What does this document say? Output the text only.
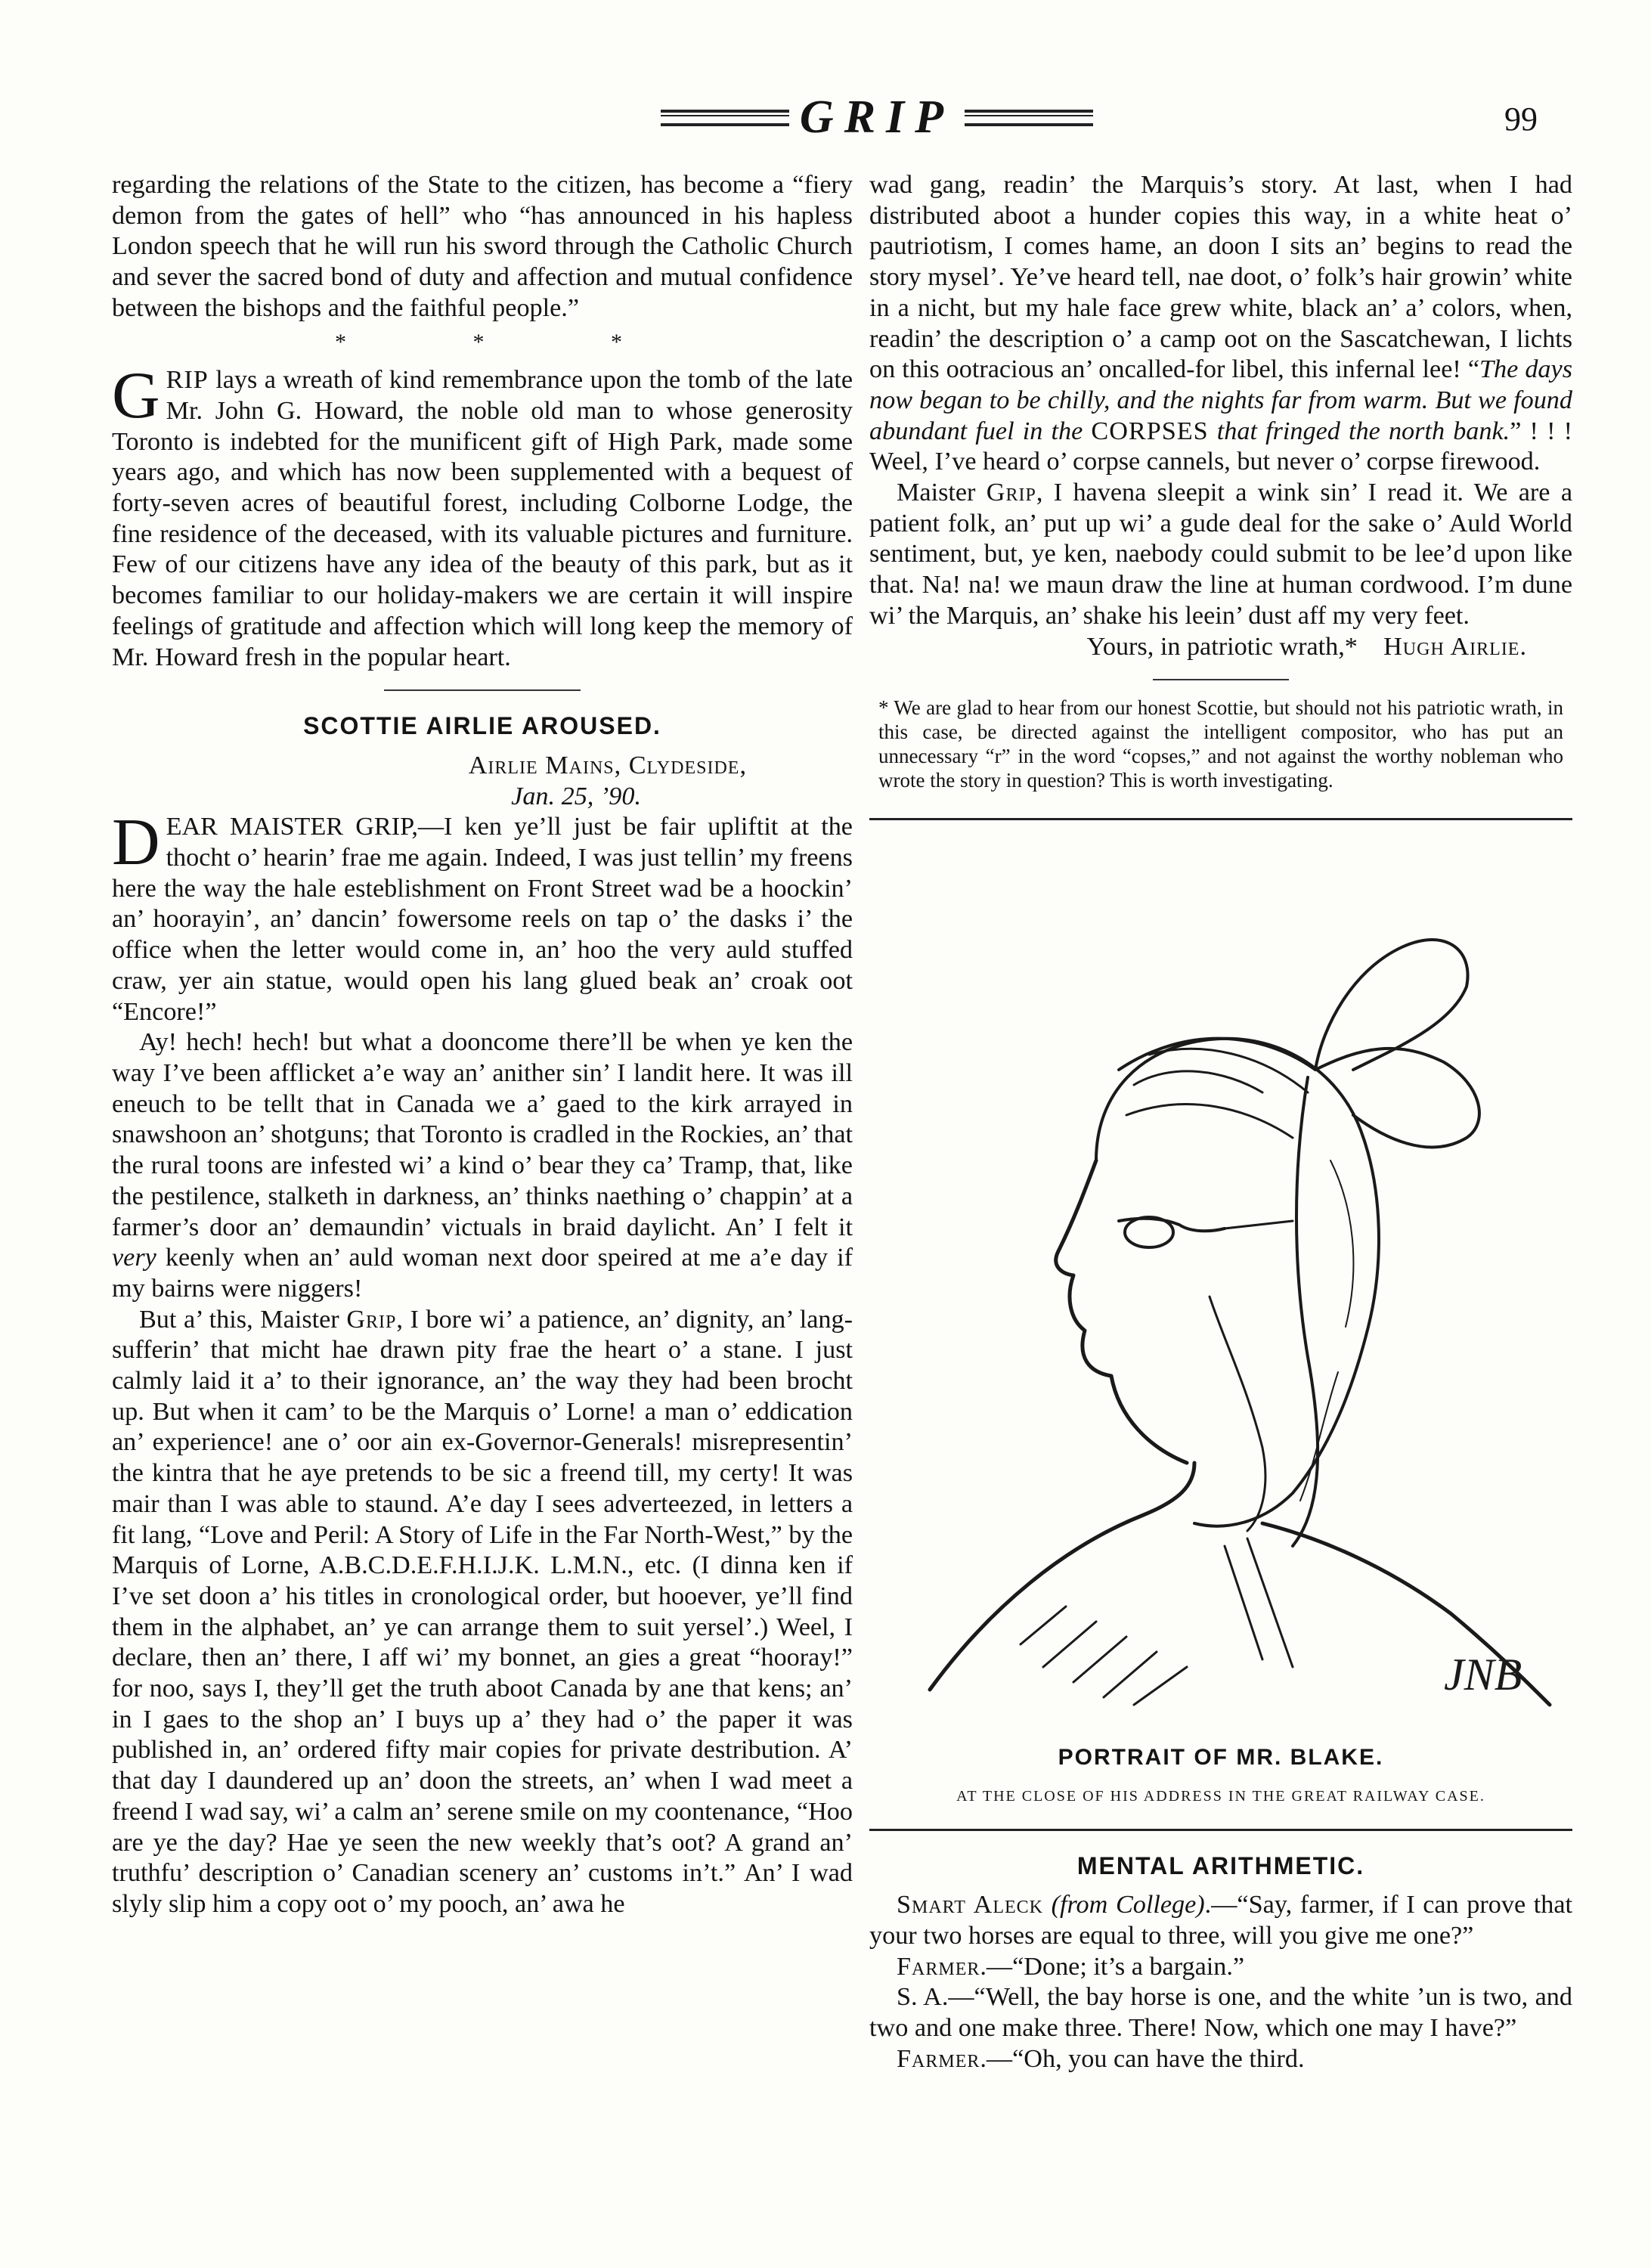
GRIP	99

regarding the relations of the State to the citizen, has become a “fiery demon from the gates of hell” who “has announced in his hapless London speech that he will run his sword through the Catholic Church and sever the sacred bond of duty and affection and mutual confidence between the bishops and the faithful people.”

* * *

GRIP lays a wreath of kind remembrance upon the tomb of the late Mr. John G. Howard, the noble old man to whose generosity Toronto is indebted for the munificent gift of High Park, made some years ago, and which has now been supplemented with a bequest of forty-seven acres of beautiful forest, including Colborne Lodge, the fine residence of the deceased, with its valuable pictures and furniture. Few of our citizens have any idea of the beauty of this park, but as it becomes familiar to our holiday-makers we are certain it will inspire feelings of gratitude and affection which will long keep the memory of Mr. Howard fresh in the popular heart.

SCOTTIE AIRLIE AROUSED.
Airlie Mains, Clydeside,
Jan. 25, ’90.

DEAR MAISTER GRIP,—I ken ye’ll just be fair upliftit at the thocht o’ hearin’ frae me again. Indeed, I was just tellin’ my freens here the way the hale esteblishment on Front Street wad be a hoockin’ an’ hoorayin’, an’ dancin’ fowersome reels on tap o’ the dasks i’ the office when the letter would come in, an’ hoo the very auld stuffed craw, yer ain statue, would open his lang glued beak an’ croak oot “Encore!”

Ay! hech! hech! but what a dooncome there’ll be when ye ken the way I’ve been afflicket a’e way an’ anither sin’ I landit here. It was ill eneuch to be tellt that in Canada we a’ gaed to the kirk arrayed in snawshoon an’ shotguns; that Toronto is cradled in the Rockies, an’ that the rural toons are infested wi’ a kind o’ bear they ca’ Tramp, that, like the pestilence, stalketh in darkness, an’ thinks naething o’ chappin’ at a farmer’s door an’ demaundin’ victuals in braid daylicht. An’ I felt it very keenly when an’ auld woman next door speired at me a’e day if my bairns were niggers!

But a’ this, Maister Grip, I bore wi’ a patience, an’ dignity, an’ lang-sufferin’ that micht hae drawn pity frae the heart o’ a stane. I just calmly laid it a’ to their ignorance, an’ the way they had been brocht up. But when it cam’ to be the Marquis o’ Lorne! a man o’ eddication an’ experience! ane o’ oor ain ex-Governor-Generals! misrepresentin’ the kintra that he aye pretends to be sic a freend till, my certy! It was mair than I was able to staund. A’e day I sees adverteezed, in letters a fit lang, “Love and Peril: A Story of Life in the Far North-West,” by the Marquis of Lorne, A.B.C.D.E.F.H.I.J.K. L.M.N., etc. (I dinna ken if I’ve set doon a’ his titles in cronological order, but hooever, ye’ll find them in the alphabet, an’ ye can arrange them to suit yersel’.) Weel, I declare, then an’ there, I aff wi’ my bonnet, an gies a great “hooray!” for noo, says I, they’ll get the truth aboot Canada by ane that kens; an’ in I gaes to the shop an’ I buys up a’ they had o’ the paper it was published in, an’ ordered fifty mair copies for private destribution. A’ that day I daundered up an’ doon the streets, an’ when I wad meet a freend I wad say, wi’ a calm an’ serene smile on my coontenance, “Hoo are ye the day? Hae ye seen the new weekly that’s oot? A grand an’ truthfu’ description o’ Canadian scenery an’ customs in’t.” An’ I wad slyly slip him a copy oot o’ my pooch, an’ awa he

wad gang, readin’ the Marquis’s story. At last, when I had distributed aboot a hunder copies this way, in a white heat o’ pautriotism, I comes hame, an doon I sits an’ begins to read the story mysel’. Ye’ve heard tell, nae doot, o’ folk’s hair growin’ white in a nicht, but my hale face grew white, black an’ a’ colors, when, readin’ the description o’ a camp oot on the Sascatchewan, I lichts on this ootracious an’ oncalled-for libel, this infernal lee! “The days now began to be chilly, and the nights far from warm. But we found abundant fuel in the CORPSES that fringed the north bank.” ! ! ! Weel, I’ve heard o’ corpse cannels, but never o’ corpse firewood.

Maister Grip, I havena sleepit a wink sin’ I read it. We are a patient folk, an’ put up wi’ a gude deal for the sake o’ Auld World sentiment, but, ye ken, naebody could submit to be lee’d upon like that. Na! na! we maun draw the line at human cordwood. I’m dune wi’ the Marquis, an’ shake his leein’ dust aff my very feet.

Yours, in patriotic wrath,* Hugh Airlie.
* We are glad to hear from our honest Scottie, but should not his patriotic wrath, in this case, be directed against the intelligent compositor, who has put an unnecessary “r” in the word “copses,” and not against the worthy nobleman who wrote the story in question? This is worth investigating.
JNB
PORTRAIT OF MR. BLAKE.
AT THE CLOSE OF HIS ADDRESS IN THE GREAT RAILWAY CASE.
MENTAL ARITHMETIC.

Smart Aleck (from College).—“Say, farmer, if I can prove that your two horses are equal to three, will you give me one?”

Farmer.—“Done; it’s a bargain.”

S. A.—“Well, the bay horse is one, and the white ’un is two, and two and one make three. There! Now, which one may I have?”

Farmer.—“Oh, you can have the third.
